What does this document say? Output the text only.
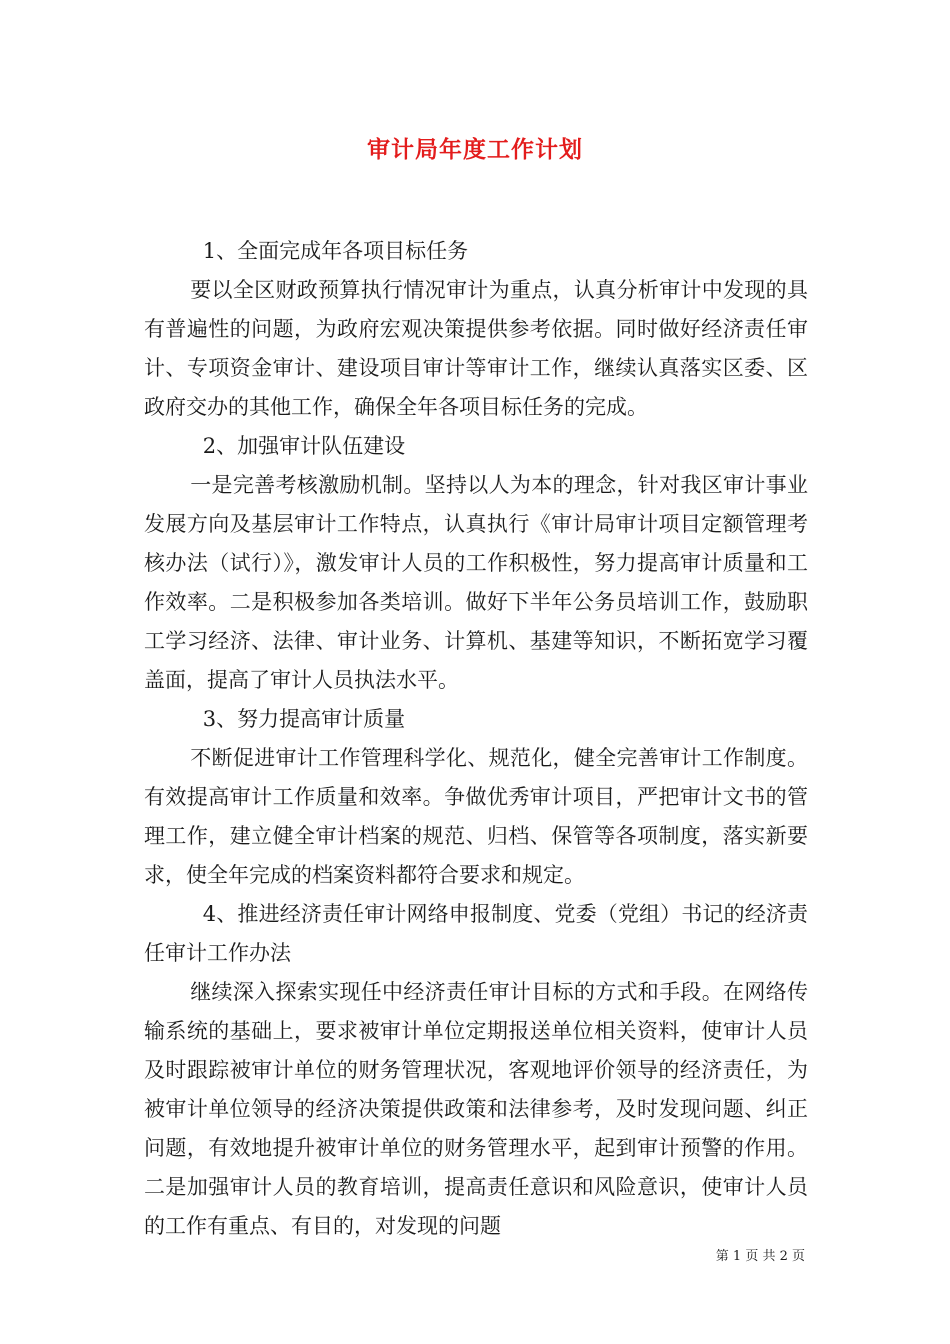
审计局年度工作计划

1、全面完成年各项目标任务

要以全区财政预算执行情况审计为重点，认真分析审计中发现的具有普遍性的问题，为政府宏观决策提供参考依据。同时做好经济责任审计、专项资金审计、建设项目审计等审计工作，继续认真落实区委、区政府交办的其他工作，确保全年各项目标任务的完成。

2、加强审计队伍建设

一是完善考核激励机制。坚持以人为本的理念，针对我区审计事业发展方向及基层审计工作特点，认真执行《审计局审计项目定额管理考核办法（试行）》，激发审计人员的工作积极性，努力提高审计质量和工作效率。二是积极参加各类培训。做好下半年公务员培训工作，鼓励职工学习经济、法律、审计业务、计算机、基建等知识，不断拓宽学习覆盖面，提高了审计人员执法水平。

3、努力提高审计质量

不断促进审计工作管理科学化、规范化，健全完善审计工作制度。有效提高审计工作质量和效率。争做优秀审计项目，严把审计文书的管理工作，建立健全审计档案的规范、归档、保管等各项制度，落实新要求，使全年完成的档案资料都符合要求和规定。

4、推进经济责任审计网络申报制度、党委（党组）书记的经济责任审计工作办法

继续深入探索实现任中经济责任审计目标的方式和手段。在网络传输系统的基础上，要求被审计单位定期报送单位相关资料，使审计人员及时跟踪被审计单位的财务管理状况，客观地评价领导的经济责任，为被审计单位领导的经济决策提供政策和法律参考，及时发现问题、纠正问题，有效地提升被审计单位的财务管理水平，起到审计预警的作用。二是加强审计人员的教育培训，提高责任意识和风险意识，使审计人员的工作有重点、有目的，对发现的问题

第 1 页 共 2 页
